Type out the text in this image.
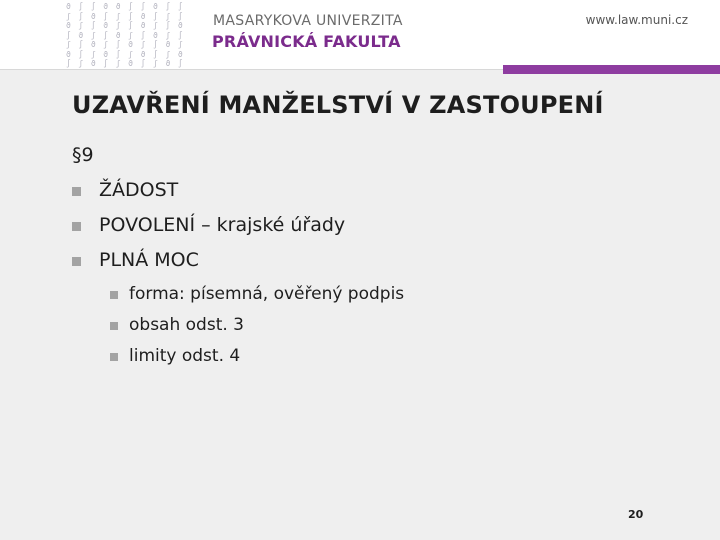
ϑ ∫ ∫ ϑ ϑ ∫ ∫ ϑ ∫ ∫
ʃ ∫ ϑ ∫ ʃ ∫ ϑ ∫ ʃ ∫
ϑ ʃ ∫ ϑ ʃ ∫ ϑ ʃ ∫ ϑ
∫ ϑ ʃ ∫ ϑ ʃ ∫ ϑ ʃ ∫
ʃ ∫ ϑ ʃ ∫ ϑ ʃ ∫ ϑ ʃ
ϑ ∫ ʃ ϑ ∫ ʃ ϑ ∫ ʃ ϑ
∫ ʃ ϑ ∫ ʃ ϑ ∫ ʃ ϑ ∫
MASARYKOVA UNIVERZITA
PRÁVNICKÁ FAKULTA
www.law.muni.cz
UZAVŘENÍ MANŽELSTVÍ V ZASTOUPENÍ
§9
ŽÁDOST
POVOLENÍ – krajské úřady
PLNÁ MOC
forma: písemná, ověřený podpis
obsah odst. 3
limity odst. 4
20
